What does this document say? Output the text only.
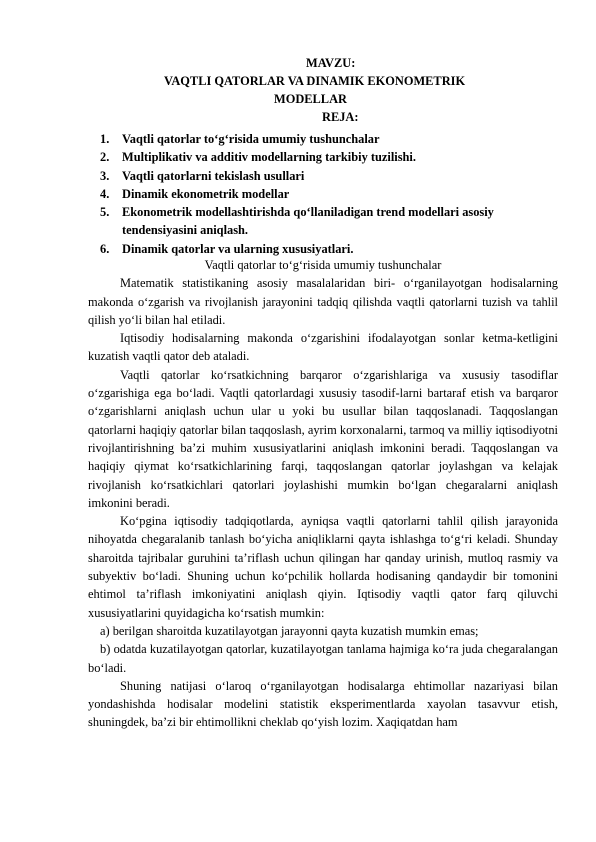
MAVZU:
VAQTLI QATORLAR VA DINAMIK EKONOMETRIK
MODELLAR
REJA:
1. Vaqtli qatorlar to‘g‘risida umumiy tushunchalar
2. Multiplikativ va additiv modellarning tarkibiy tuzilishi.
3. Vaqtli qatorlarni tekislash usullari
4. Dinamik ekonometrik modellar
5. Ekonometrik modellashtirishda qo‘llaniladigan trend modellari asosiy tendensiyasini aniqlash.
6. Dinamik qatorlar va ularning xususiyatlari.

Vaqtli qatorlar to‘g‘risida umumiy tushunchalar

Matematik statistikaning asosiy masalalaridan biri- o‘rganilayotgan hodisalarning makonda o‘zgarish va rivojlanish jarayonini tadqiq qilishda vaqtli qatorlarni tuzish va tahlil qilish yo‘li bilan hal etiladi.

Iqtisodiy hodisalarning makonda o‘zgarishini ifodalayotgan sonlar ketma-ketligini kuzatish vaqtli qator deb ataladi.

Vaqtli qatorlar ko‘rsatkichning barqaror o‘zgarishlariga va xususiy tasodiflar o‘zgarishiga ega bo‘ladi. Vaqtli qatorlardagi xususiy tasodif-larni bartaraf etish va barqaror o‘zgarishlarni aniqlash uchun ular u yoki bu usullar bilan taqqoslanadi. Taqqoslangan qatorlarni haqiqiy qatorlar bilan taqqoslash, ayrim korxonalarni, tarmoq va milliy iqtisodiyotni rivojlantirishning ba’zi muhim xususiyatlarini aniqlash imkonini beradi. Taqqoslangan va haqiqiy qiymat ko‘rsatkichlarining farqi, taqqoslangan qatorlar joylashgan va kelajak rivojlanish ko‘rsatkichlari qatorlari joylashishi mumkin bo‘lgan chegaralarni aniqlash imkonini beradi.

Ko‘pgina iqtisodiy tadqiqotlarda, ayniqsa vaqtli qatorlarni tahlil qilish jarayonida nihoyatda chegaralanib tanlash bo‘yicha aniqliklarni qayta ishlashga to‘g‘ri keladi. Shunday sharoitda tajribalar guruhini ta’riflash uchun qilingan har qanday urinish, mutloq rasmiy va subyektiv bo‘ladi. Shuning uchun ko‘pchilik hollarda hodisaning qandaydir bir tomonini ehtimol ta’riflash imkoniyatini aniqlash qiyin. Iqtisodiy vaqtli qator farq qiluvchi xususiyatlarini quyidagicha ko‘rsatish mumkin:

a) berilgan sharoitda kuzatilayotgan jarayonni qayta kuzatish mumkin emas;

b) odatda kuzatilayotgan qatorlar, kuzatilayotgan tanlama hajmiga ko‘ra juda chegaralangan bo‘ladi.

Shuning natijasi o‘laroq o‘rganilayotgan hodisalarga ehtimollar nazariyasi bilan yondashishda hodisalar modelini statistik eksperimentlarda xayolan tasavvur etish, shuningdek, ba’zi bir ehtimollikni cheklab qo‘yish lozim. Xaqiqatdan ham
